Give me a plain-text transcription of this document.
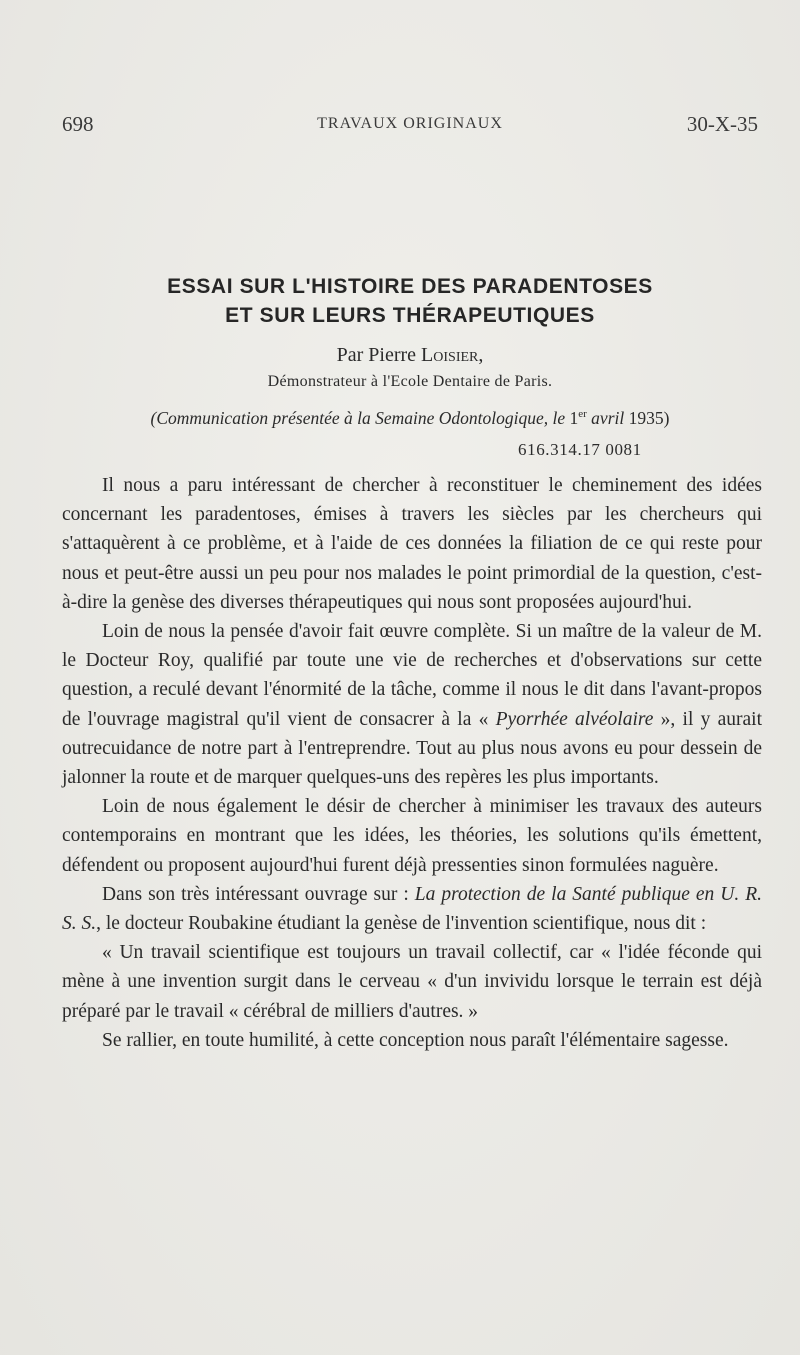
698	TRAVAUX ORIGINAUX	30-X-35
ESSAI SUR L'HISTOIRE DES PARADENTOSES
ET SUR LEURS THÉRAPEUTIQUES
Par Pierre Loisier,
Démonstrateur à l'Ecole Dentaire de Paris.
(Communication présentée à la Semaine Odontologique, le 1er avril 1935)
616.314.17 0081

Il nous a paru intéressant de chercher à reconstituer le cheminement des idées concernant les paradentoses, émises à travers les siècles par les chercheurs qui s'attaquèrent à ce problème, et à l'aide de ces données la filiation de ce qui reste pour nous et peut-être aussi un peu pour nos malades le point primordial de la question, c'est-à-dire la genèse des diverses thérapeutiques qui nous sont proposées aujourd'hui.

Loin de nous la pensée d'avoir fait œuvre complète. Si un maître de la valeur de M. le Docteur Roy, qualifié par toute une vie de recherches et d'observations sur cette question, a reculé devant l'énormité de la tâche, comme il nous le dit dans l'avant-propos de l'ouvrage magistral qu'il vient de consacrer à la « Pyorrhée alvéolaire », il y aurait outrecuidance de notre part à l'entreprendre. Tout au plus nous avons eu pour dessein de jalonner la route et de marquer quelques-uns des repères les plus importants.

Loin de nous également le désir de chercher à minimiser les travaux des auteurs contemporains en montrant que les idées, les théories, les solutions qu'ils émettent, défendent ou proposent aujourd'hui furent déjà pressenties sinon formulées naguère.

Dans son très intéressant ouvrage sur : La protection de la Santé publique en U. R. S. S., le docteur Roubakine étudiant la genèse de l'invention scientifique, nous dit :

« Un travail scientifique est toujours un travail collectif, car « l'idée féconde qui mène à une invention surgit dans le cerveau « d'un invividu lorsque le terrain est déjà préparé par le travail « cérébral de milliers d'autres. »

Se rallier, en toute humilité, à cette conception nous paraît l'élémentaire sagesse.
